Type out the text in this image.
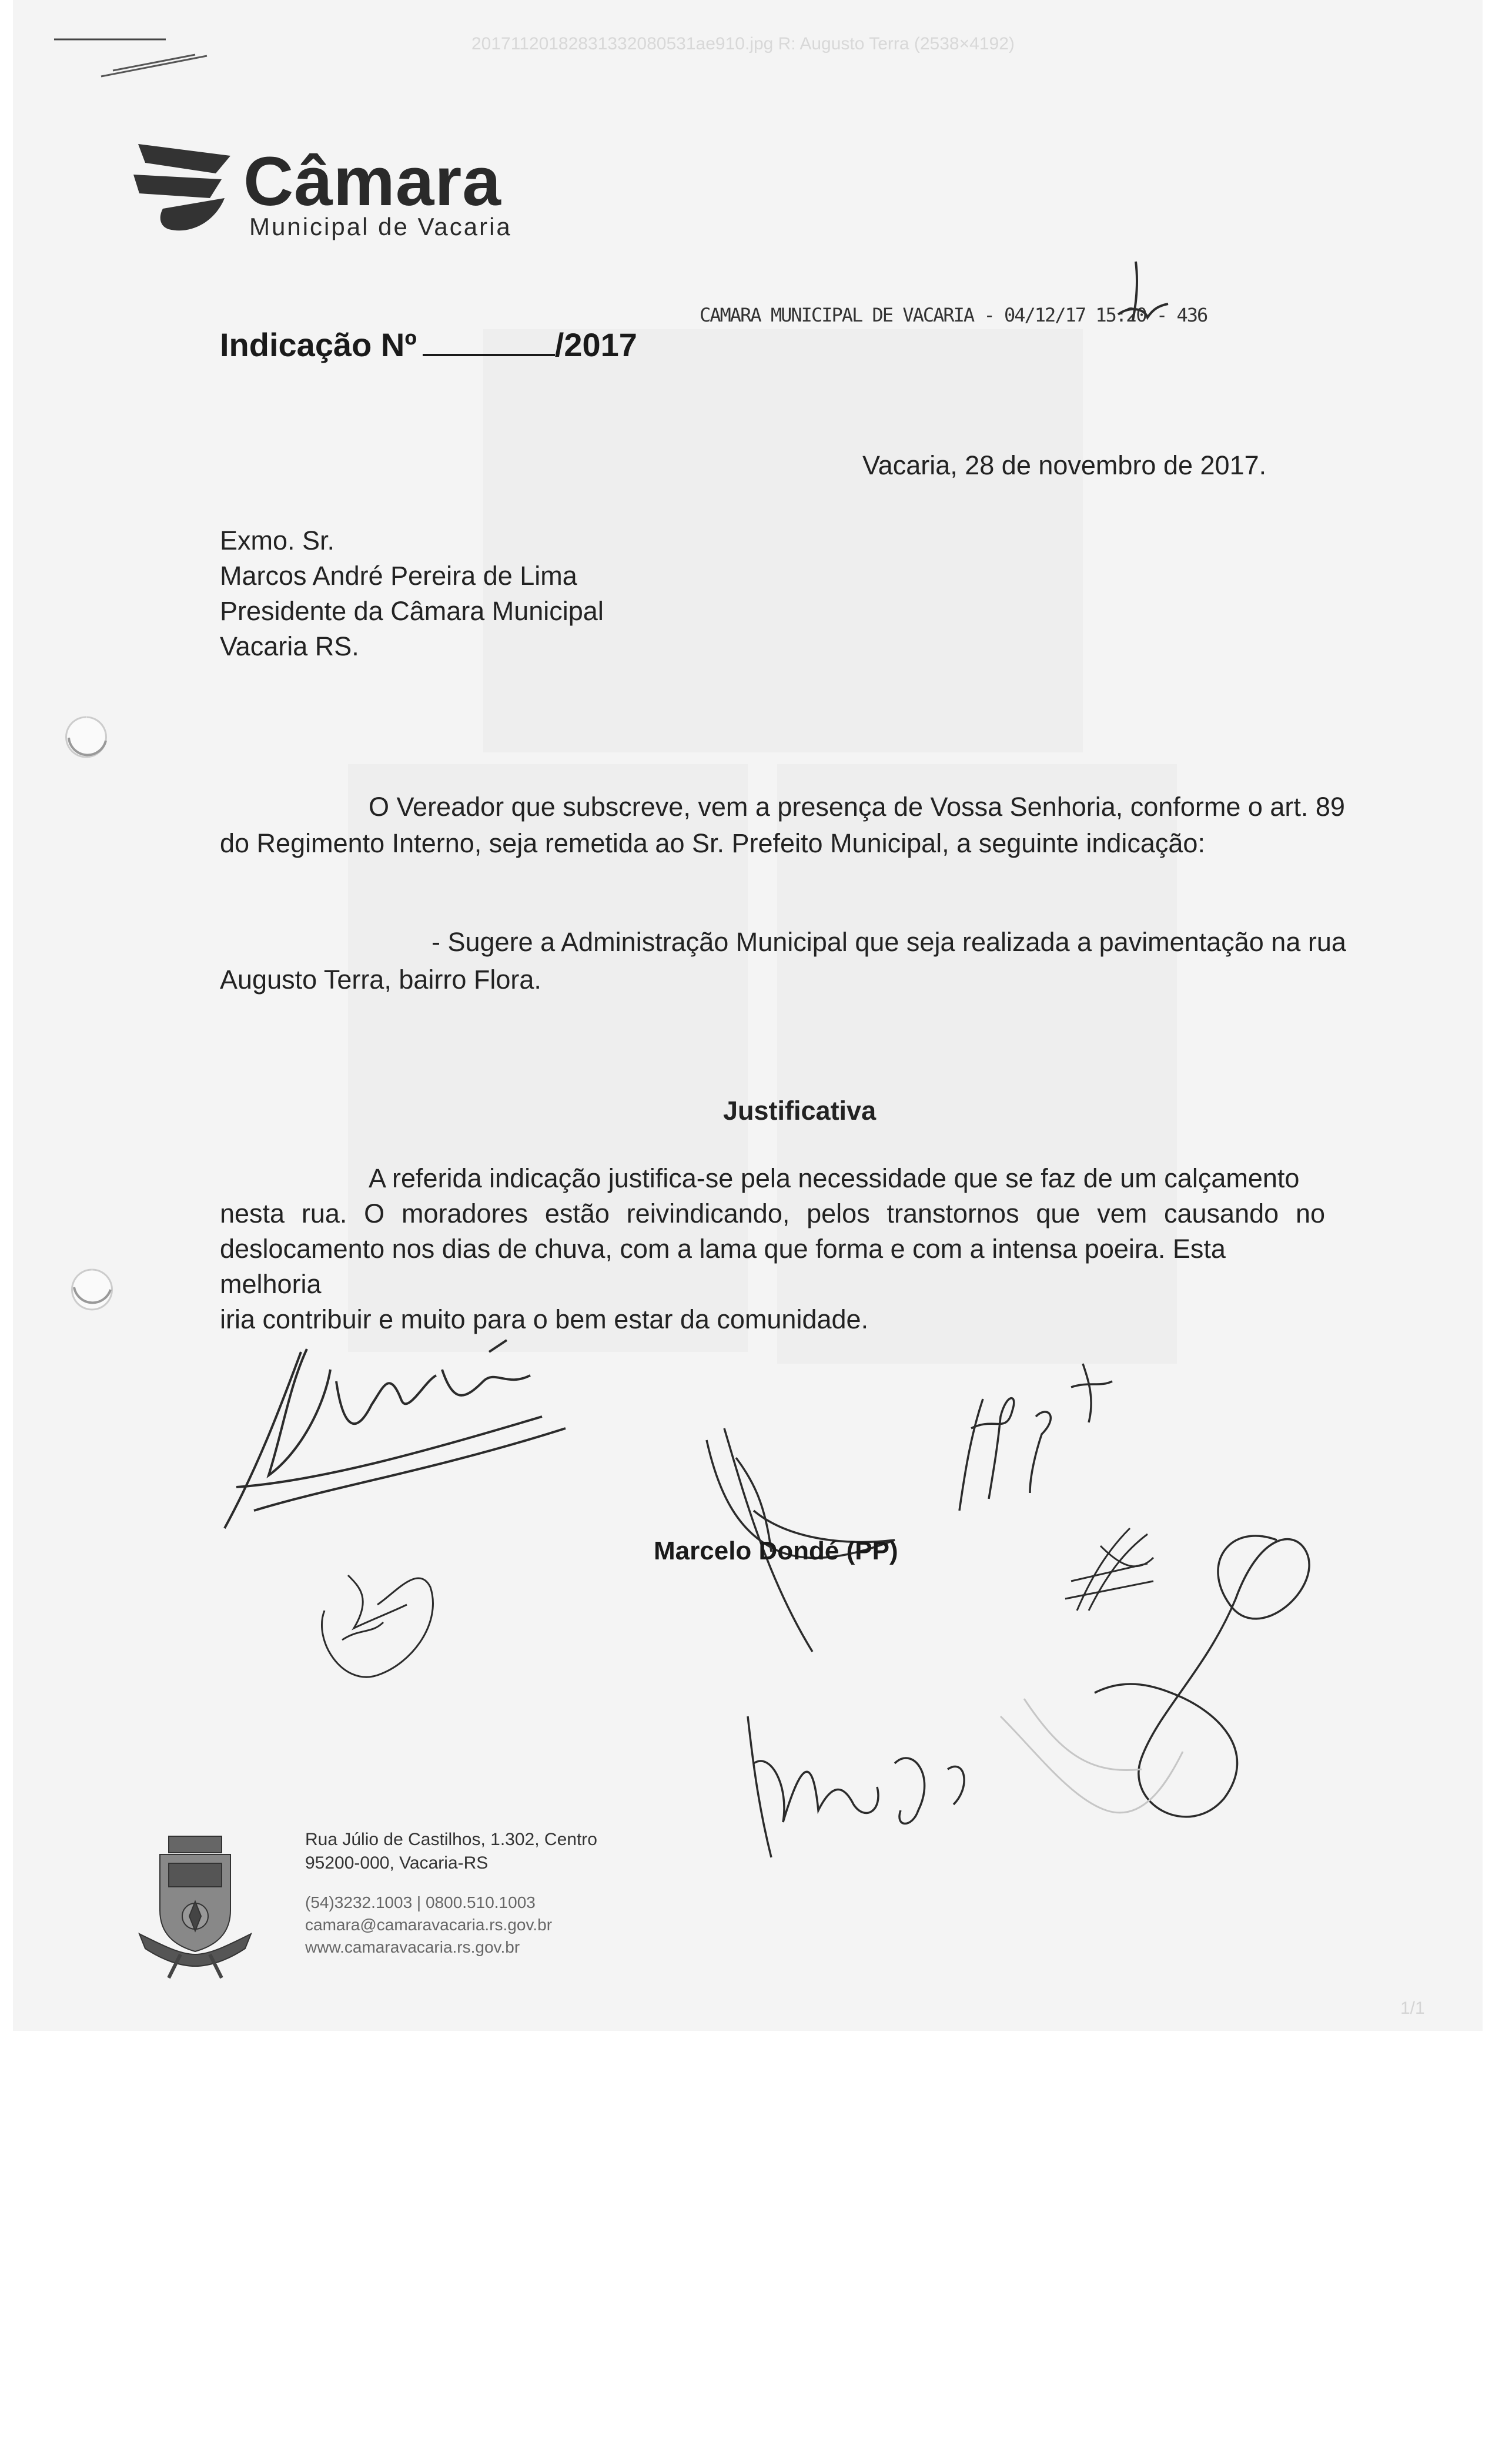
20171120182831332080531ae910.jpg R: Augusto Terra (2538×4192)
Câmara
Municipal de Vacaria
Indicação Nº	/2017
CAMARA MUNICIPAL DE VACARIA - 04/12/17 15:20 - 436
Vacaria, 28 de novembro de 2017.
Exmo. Sr.
Marcos André Pereira de Lima
Presidente da Câmara Municipal
Vacaria RS.
O Vereador que subscreve, vem a presença de Vossa Senhoria, conforme o art. 89
do Regimento Interno, seja remetida ao Sr. Prefeito Municipal, a seguinte indicação:
- Sugere a Administração Municipal que seja realizada a pavimentação na rua
Augusto Terra, bairro Flora.
Justificativa
A referida indicação justifica-se pela necessidade que se faz de um calçamento
nesta rua. O moradores estão reivindicando, pelos transtornos que vem causando no
deslocamento nos dias de chuva, com a lama que forma e com a intensa poeira. Esta melhoria
iria contribuir e muito para o bem estar da comunidade.
Marcelo Dondé (PP)
Rua Júlio de Castilhos, 1.302, Centro
95200-000, Vacaria-RS
(54)3232.1003 | 0800.510.1003
camara@camaravacaria.rs.gov.br
www.camaravacaria.rs.gov.br
1/1
